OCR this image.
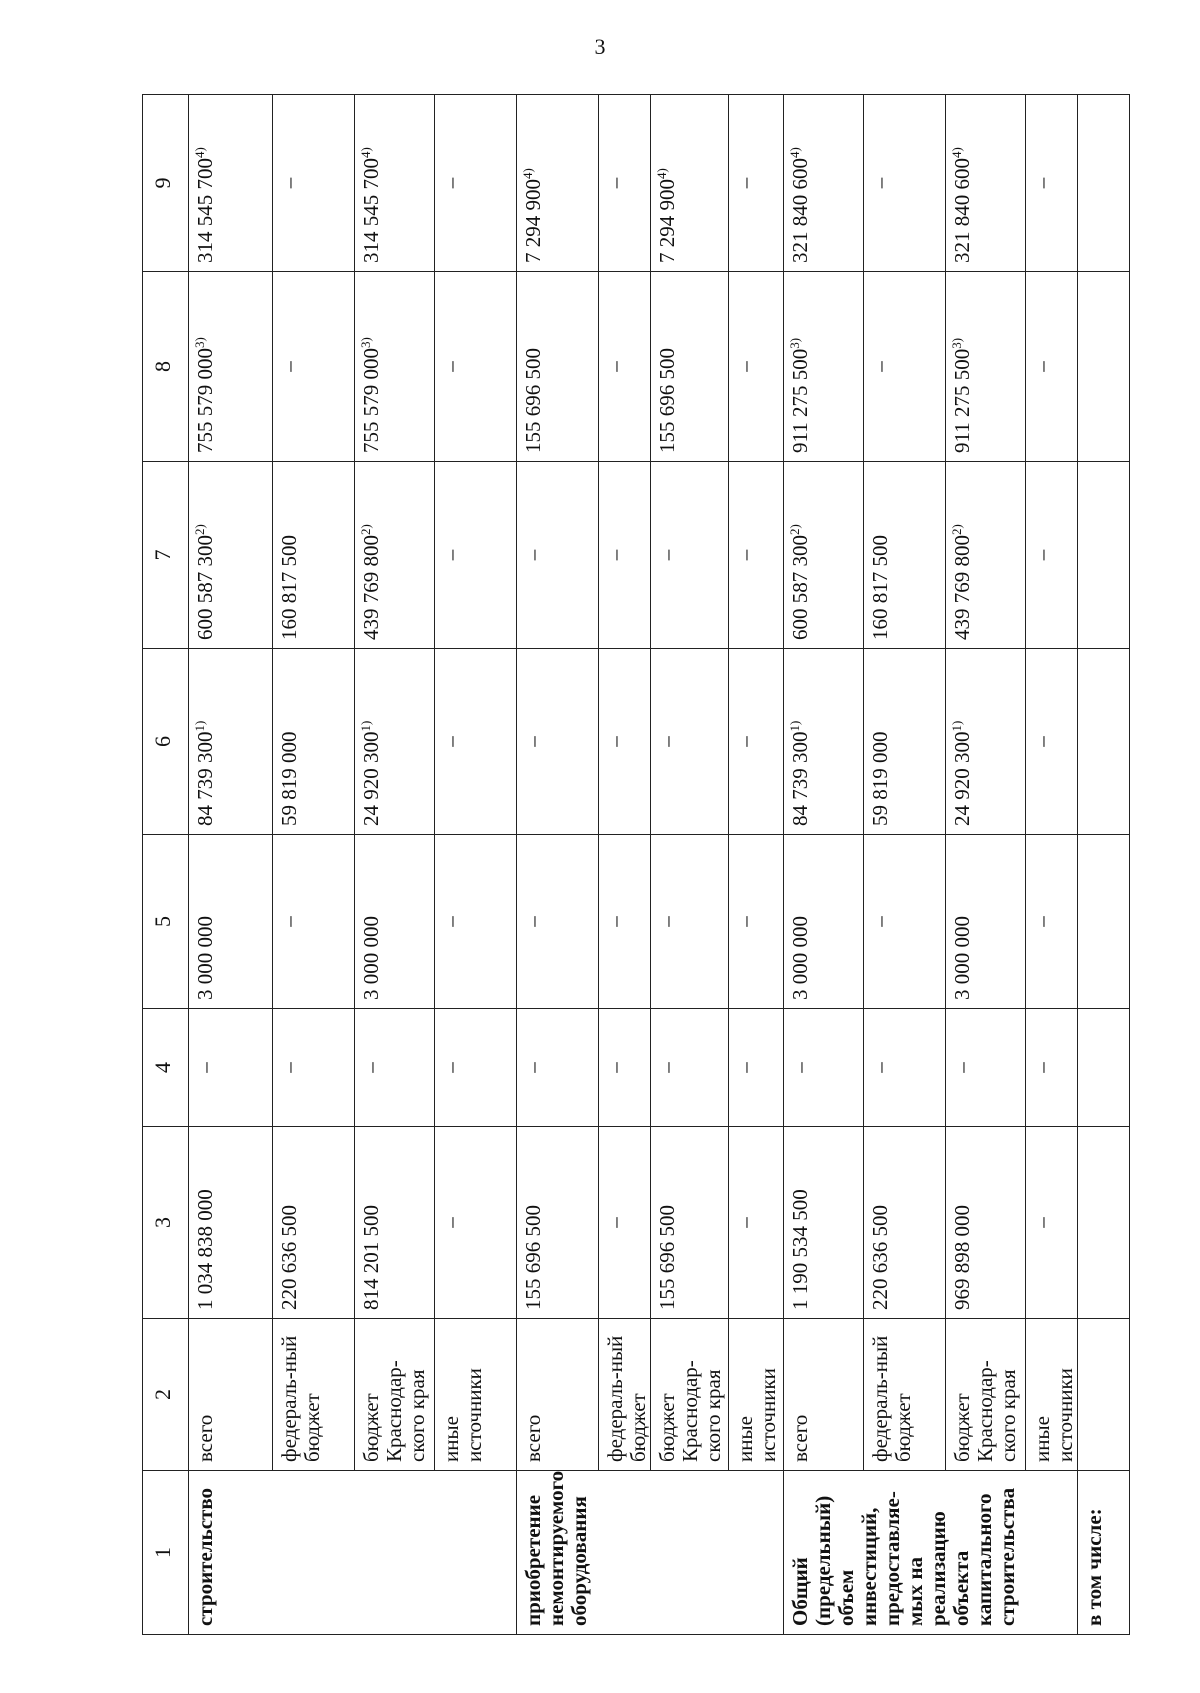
3
1	2	3	4	5	6	7	8	9
строительство	всего	1 034 838 000	–	3 000 000	84 739 300$^{1)}$	600 587 300$^{2)}$	755 579 000$^{3)}$	314 545 700$^{4)}$
	федераль-ный бюджет	220 636 500	–	–	59 819 000	160 817 500	–	–
	бюджет Краснодар-ского края	814 201 500	–	3 000 000	24 920 300$^{1)}$	439 769 800$^{2)}$	755 579 000$^{3)}$	314 545 700$^{4)}$
	иные источники	–	–	–	–	–	–	–
приобретение немонтируемого оборудования	всего	155 696 500	–	–	–	–	155 696 500	7 294 900$^{4)}$
	федераль-ный бюджет	–	–	–	–	–	–	–
	бюджет Краснодар-ского края	155 696 500	–	–	–	–	155 696 500	7 294 900$^{4)}$
	иные источники	–	–	–	–	–	–	–
Общий (предельный) объем инвестиций, предоставляе-мых на реализацию объекта капитального строительства	всего	1 190 534 500	–	3 000 000	84 739 300$^{1)}$	600 587 300$^{2)}$	911 275 500$^{3)}$	321 840 600$^{4)}$
	федераль-ный бюджет	220 636 500	–	–	59 819 000	160 817 500	–	–
	бюджет Краснодар-ского края	969 898 000	–	3 000 000	24 920 300$^{1)}$	439 769 800$^{2)}$	911 275 500$^{3)}$	321 840 600$^{4)}$
	иные источники	–	–	–	–	–	–	–
в том числе:								
